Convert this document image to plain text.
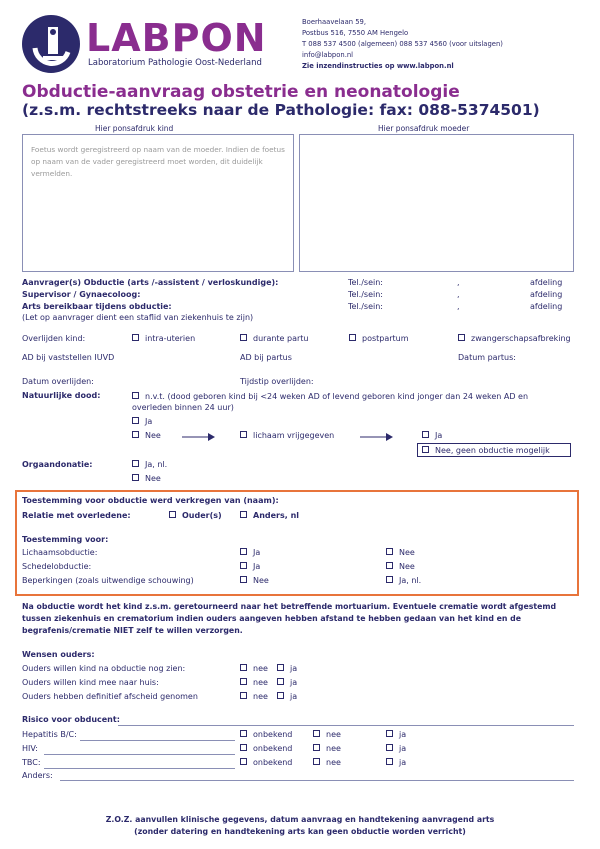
LABPON
Laboratorium Pathologie Oost-Nederland
Boerhaavelaan 59,
Postbus 516, 7550 AM Hengelo
T 088 537 4500 (algemeen) 088 537 4560 (voor uitslagen)
info@labpon.nl
Zie inzendinstructies op www.labpon.nl
Obductie-aanvraag obstetrie en neonatologie
(z.s.m. rechtstreeks naar de Pathologie: fax: 088-5374501)
Hier ponsafdruk kind	Hier ponsafdruk moeder
Foetus wordt geregistreerd op naam van de moeder. Indien de foetus op naam van de vader geregistreerd moet worden, dit duidelijk vermelden.
Aanvrager(s) Obductie (arts /-assistent / verloskundige):	Tel./sein:	,	afdeling
Supervisor / Gynaecoloog:	Tel./sein:	,	afdeling
Arts bereikbaar tijdens obductie:	Tel./sein:	,	afdeling
(Let op aanvrager dient een staflid van ziekenhuis te zijn)
Overlijden kind:	intra-uterien	durante partu	postpartum	zwangerschapsafbreking
AD bij vaststellen IUVD	AD bij partus	Datum partus:
Datum overlijden:	Tijdstip overlijden:
Natuurlijke dood:	n.v.t. (dood geboren kind bij <24 weken AD of levend geboren kind jonger dan 24 weken AD en overleden binnen 24 uur)
Ja
Nee	lichaam vrijgegeven	Ja
Nee, geen obductie mogelijk
Orgaandonatie:	Ja, nl.
Nee
Toestemming voor obductie werd verkregen van (naam):
Relatie met overledene:	Ouder(s)	Anders, nl
Toestemming voor:
Lichaamsobductie:	Ja	Nee
Schedelobductie:	Ja	Nee
Beperkingen (zoals uitwendige schouwing)	Nee	Ja, nl.
Na obductie wordt het kind z.s.m. geretourneerd naar het betreffende mortuarium. Eventuele crematie wordt afgestemd tussen ziekenhuis en crematorium indien ouders aangeven hebben afstand te hebben gedaan van het kind en de begrafenis/crematie NIET zelf te willen verzorgen.
Wensen ouders:
Ouders willen kind na obductie nog zien:	nee	ja
Ouders willen kind mee naar huis:	nee	ja
Ouders hebben definitief afscheid genomen	nee	ja
Risico voor obducent:
Hepatitis B/C:	onbekend	nee	ja
HIV:	onbekend	nee	ja
TBC:	onbekend	nee	ja
Anders:
Z.O.Z. aanvullen klinische gegevens, datum aanvraag en handtekening aanvragend arts
(zonder datering en handtekening arts kan geen obductie worden verricht)
